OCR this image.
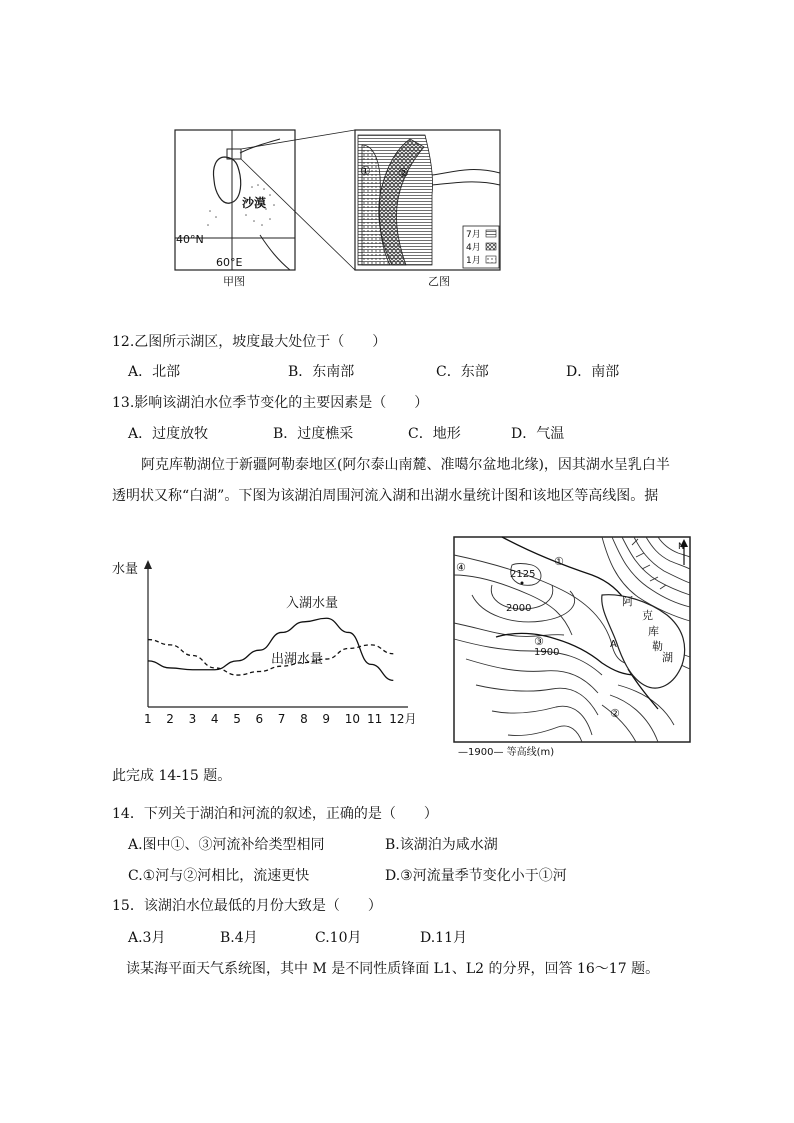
沙漠
40°N
60°E
甲图
① ②
7月
4月
1月
乙图
12.乙图所示湖区，坡度最大处位于（　　）
A．北部	B．东南部	C．东部	D．南部
13.影响该湖泊水位季节变化的主要因素是（　　）
A．过度放牧	B．过度樵采	C．地形	D．气温
阿克库勒湖位于新疆阿勒泰地区(阿尔泰山南麓、准噶尔盆地北缘)，因其湖水呈乳白半
透明状又称“白湖”。下图为该湖泊周围河流入湖和出湖水量统计图和该地区等高线图。据
水量
1 2 3 4 5 6 7 8 9 10 11 12月
入湖水量
出湖水量
2125
2000
1900
A
阿
克
库
勒
湖
N
①
②
③
④
—1900— 等高线(m)
此完成 14-15 题。
14．下列关于湖泊和河流的叙述，正确的是（　　）
A.图中①、③河流补给类型相同	B.该湖泊为咸水湖
C.①河与②河相比，流速更快	D.③河流量季节变化小于①河
15．该湖泊水位最低的月份大致是（　　）
A.3月	B.4月	C.10月	D.11月
读某海平面天气系统图，其中 M 是不同性质锋面 L1、L2 的分界，回答 16～17 题。
